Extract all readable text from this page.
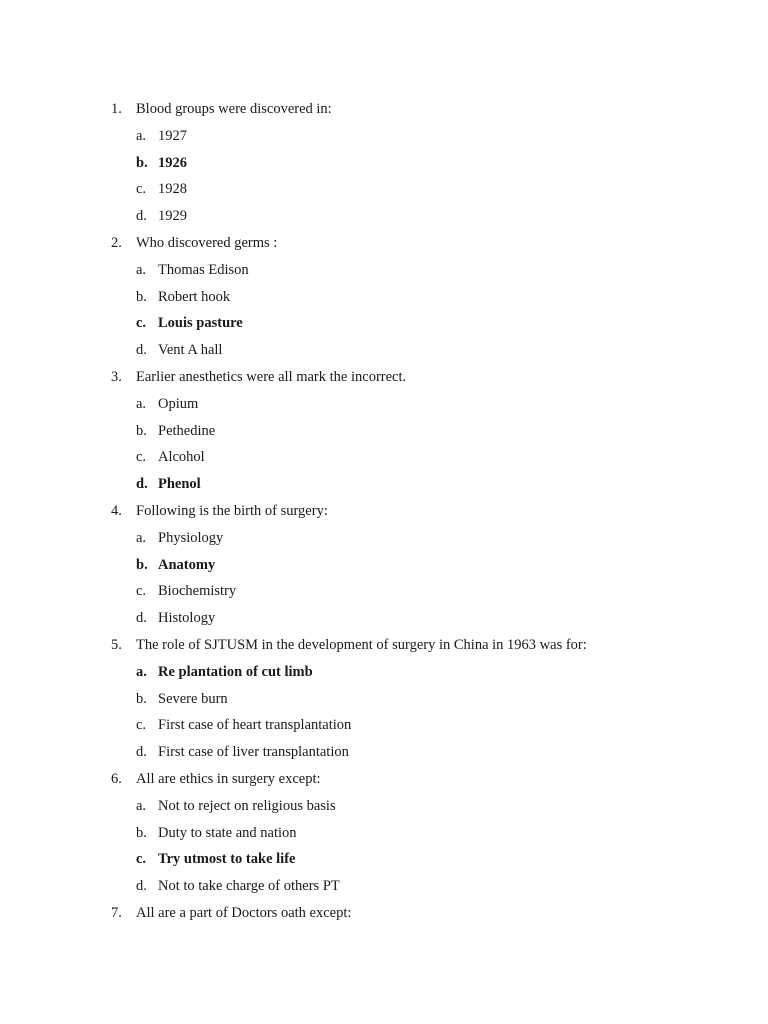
1. Blood groups were discovered in:
a. 1927
b. 1926
c. 1928
d. 1929
2. Who discovered germs :
a. Thomas Edison
b. Robert hook
c. Louis pasture
d. Vent A hall
3. Earlier anesthetics were all mark the incorrect.
a. Opium
b. Pethedine
c. Alcohol
d. Phenol
4. Following is the birth of surgery:
a. Physiology
b. Anatomy
c. Biochemistry
d. Histology
5. The role of SJTUSM in the development of surgery in China in 1963 was for:
a. Re plantation of cut limb
b. Severe burn
c. First case of heart transplantation
d. First case of liver transplantation
6. All are ethics in surgery except:
a. Not to reject on religious basis
b. Duty to state and nation
c. Try utmost to take life
d. Not to take charge of others PT
7. All are a part of Doctors oath except:
